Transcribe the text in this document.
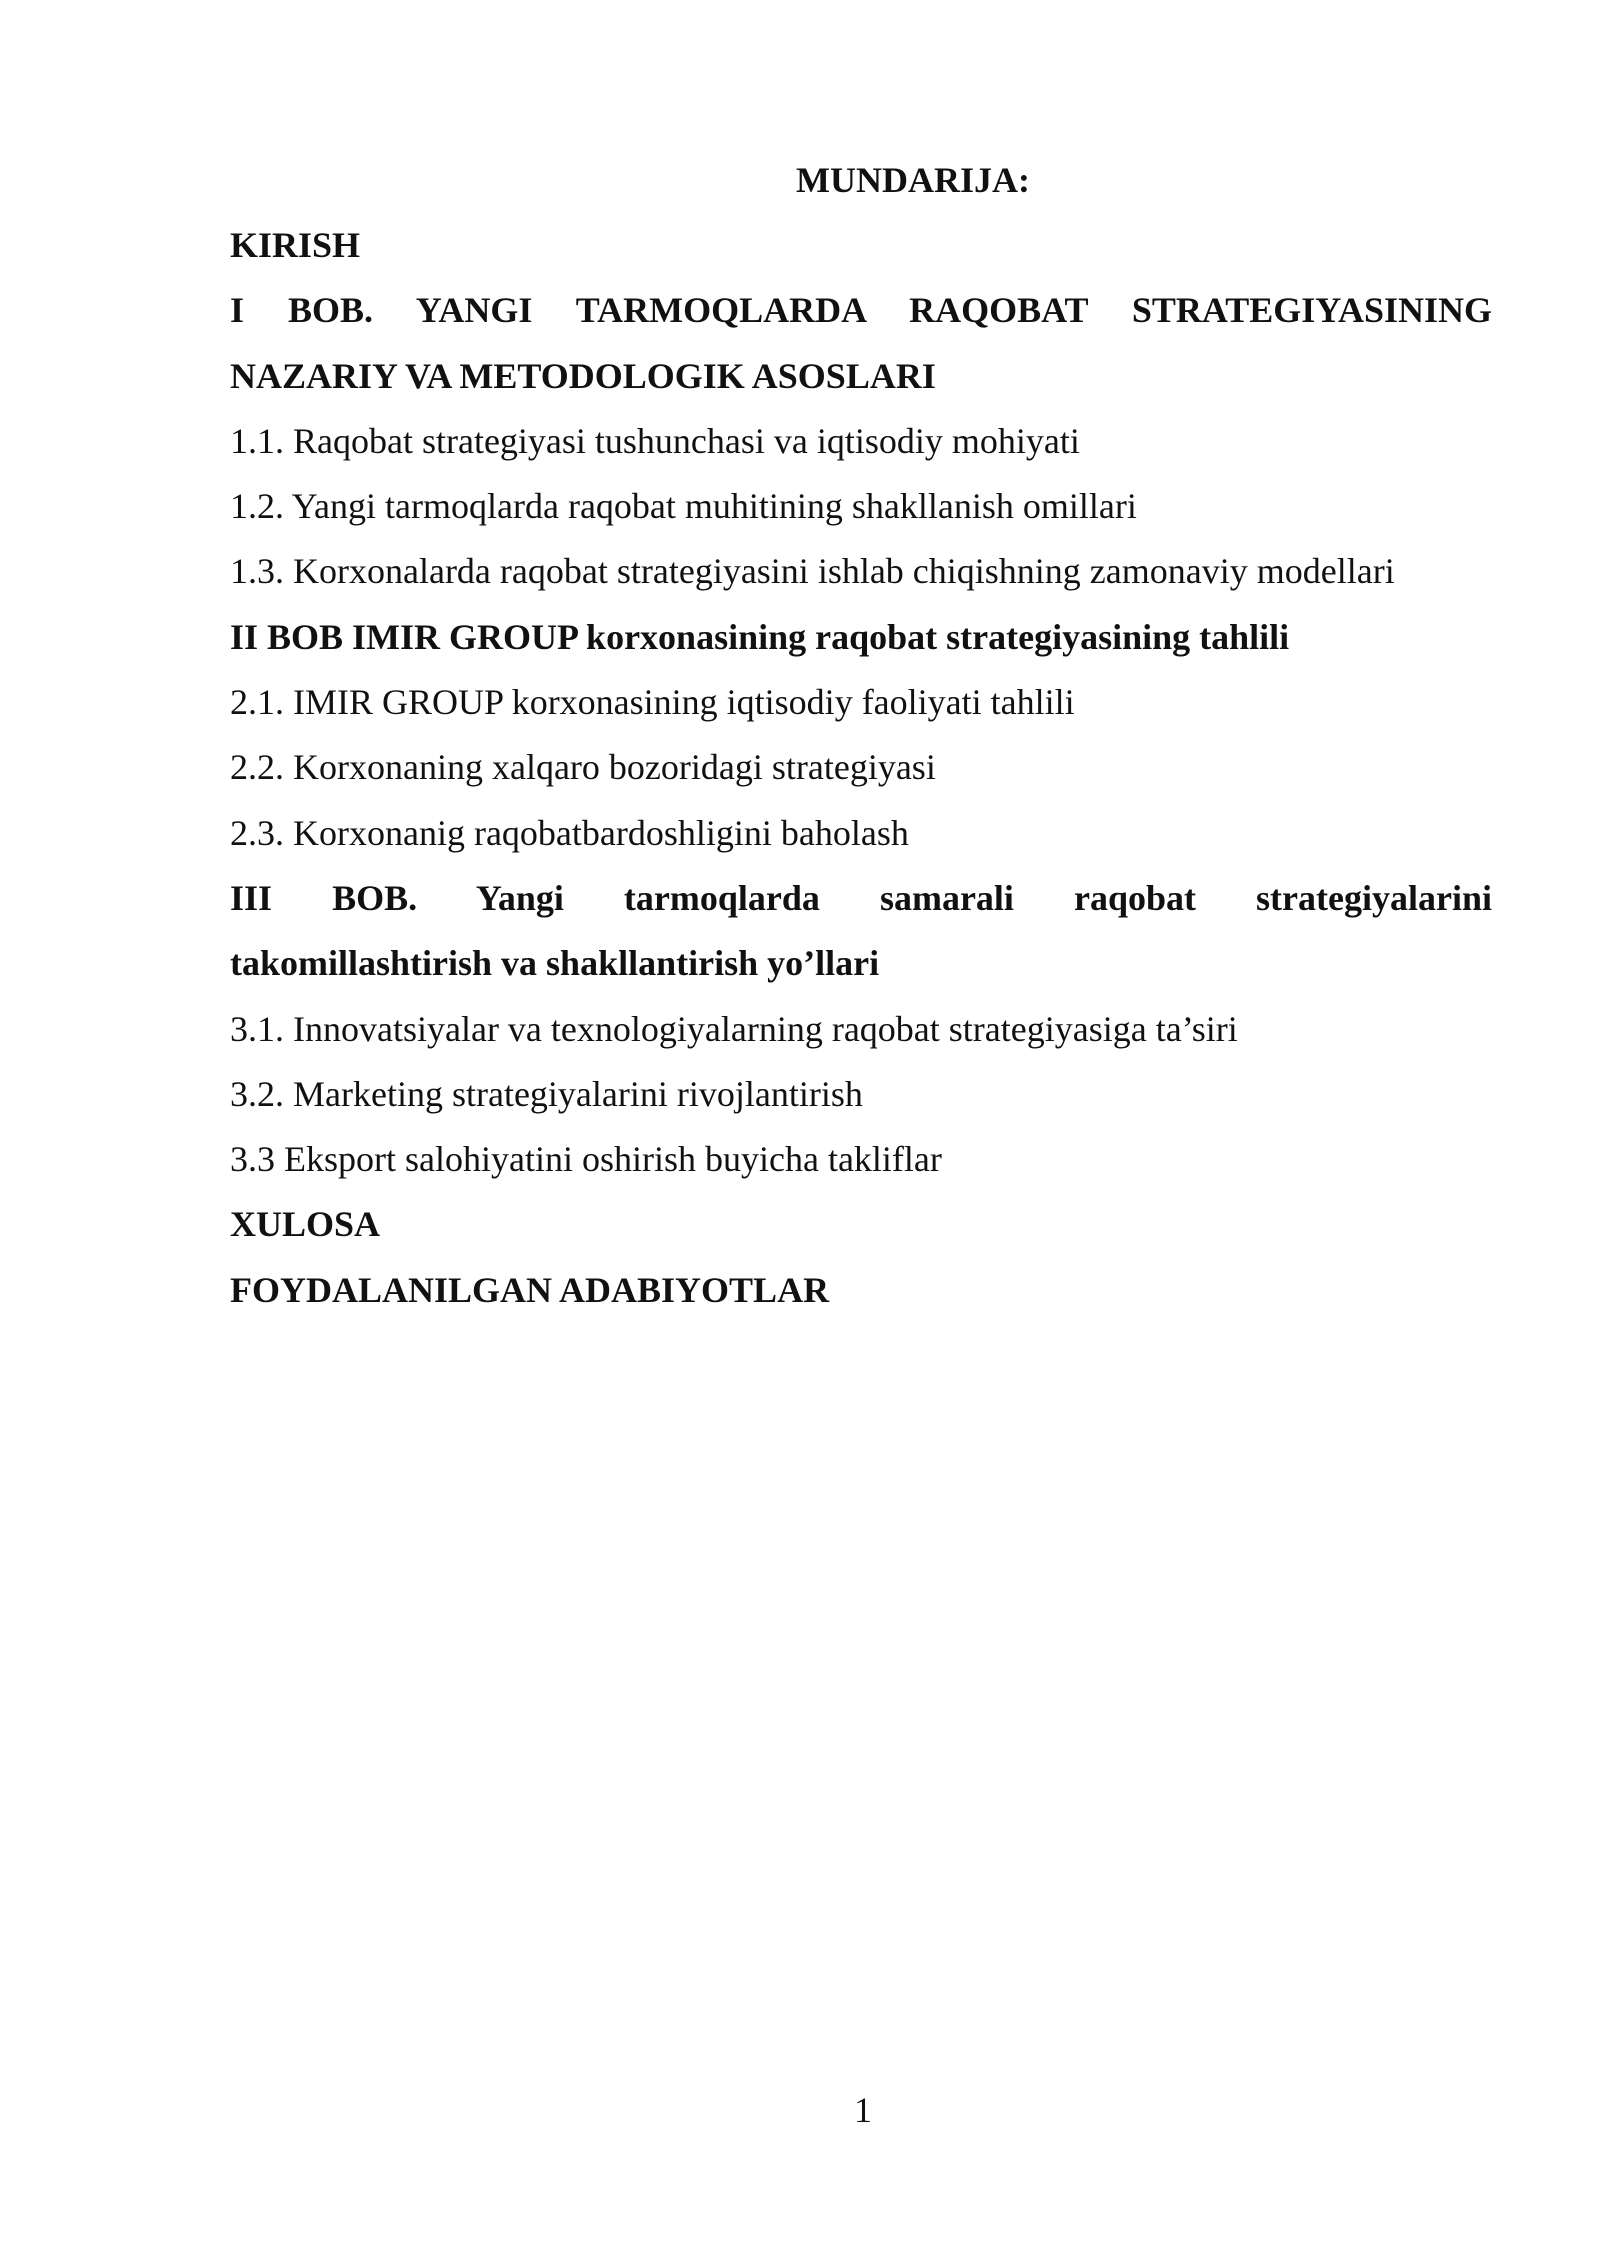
MUNDARIJA:
KIRISH
I BOB. YANGI TARMOQLARDA RAQOBAT STRATEGIYASINING
NAZARIY VA METODOLOGIK ASOSLARI
1.1. Raqobat strategiyasi tushunchasi va iqtisodiy mohiyati
1.2. Yangi tarmoqlarda raqobat muhitining shakllanish omillari
1.3. Korxonalarda raqobat strategiyasini ishlab chiqishning zamonaviy modellari
II BOB IMIR GROUP korxonasining raqobat strategiyasining tahlili
2.1. IMIR GROUP korxonasining iqtisodiy faoliyati tahlili
2.2. Korxonaning xalqaro bozoridagi strategiyasi
2.3. Korxonanig raqobatbardoshligini baholash
III BOB. Yangi tarmoqlarda samarali raqobat strategiyalarini
takomillashtirish va shakllantirish yo’llari
3.1. Innovatsiyalar va texnologiyalarning raqobat strategiyasiga ta’siri
3.2. Marketing strategiyalarini rivojlantirish
3.3 Eksport salohiyatini oshirish buyicha takliflar
XULOSA
FOYDALANILGAN ADABIYOTLAR
1
